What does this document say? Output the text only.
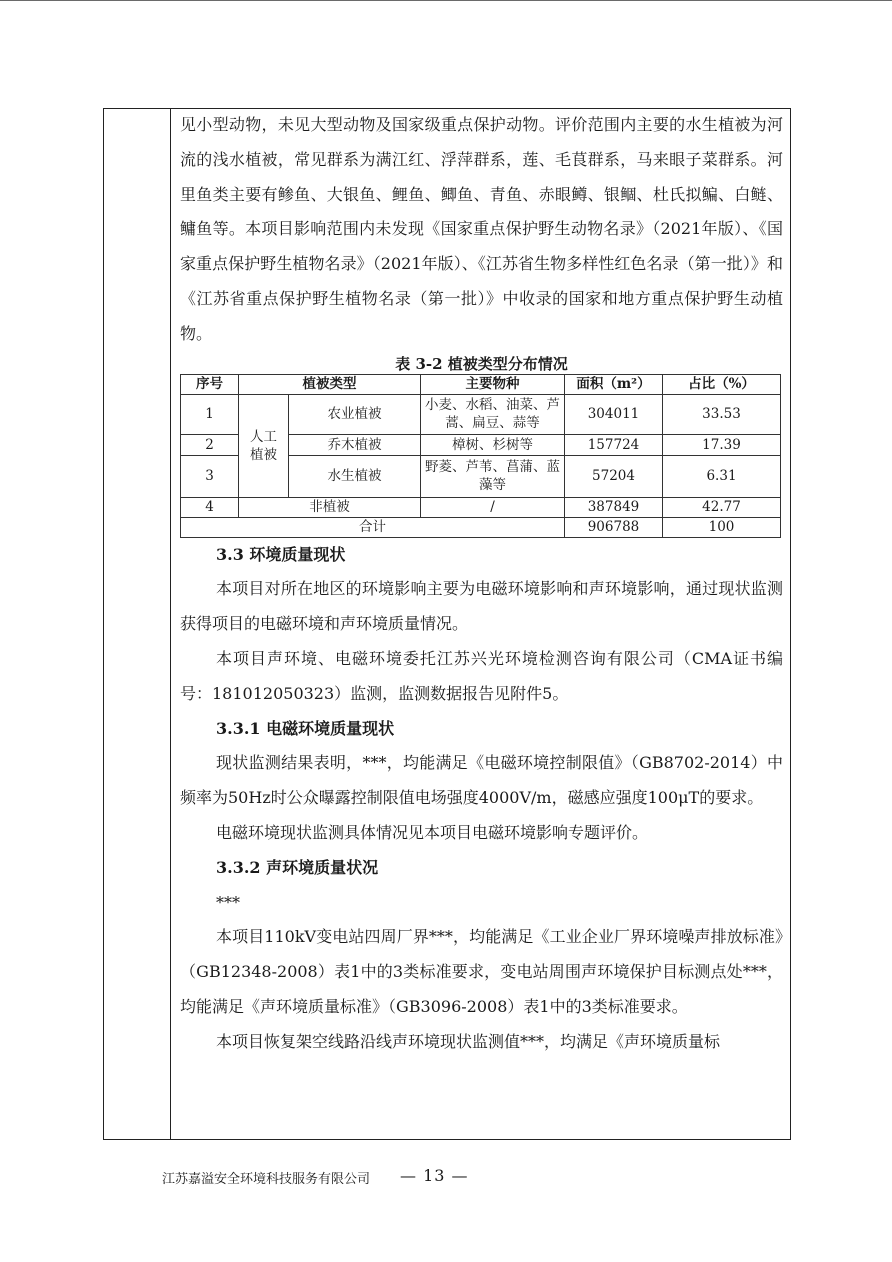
见小型动物，未见大型动物及国家级重点保护动物。评价范围内主要的水生植被为河流的浅水植被，常见群系为满江红、浮萍群系，莲、毛茛群系，马来眼子菜群系。河里鱼类主要有鲹鱼、大银鱼、鲤鱼、鲫鱼、青鱼、赤眼鳟、银鲴、杜氏拟鳊、白鲢、鳙鱼等。本项目影响范围内未发现《国家重点保护野生动物名录》（2021年版）、《国家重点保护野生植物名录》（2021年版）、《江苏省生物多样性红色名录（第一批）》和《江苏省重点保护野生植物名录（第一批）》中收录的国家和地方重点保护野生动植物。

表 3-2 植被类型分布情况

序号	植被类型		主要物种	面积（m²）	占比（%）
1	人工植被	农业植被	小麦、水稻、油菜、芦蒿、扁豆、蒜等	304011	33.53
2		乔木植被	樟树、杉树等	157724	17.39
3		水生植被	野菱、芦苇、菖蒲、蓝藻等	57204	6.31
4	非植被		/	387849	42.77
合计				906788	100

3.3 环境质量现状

本项目对所在地区的环境影响主要为电磁环境影响和声环境影响，通过现状监测获得项目的电磁环境和声环境质量情况。

本项目声环境、电磁环境委托江苏兴光环境检测咨询有限公司（CMA证书编号：181012050323）监测，监测数据报告见附件5。

3.3.1 电磁环境质量现状

现状监测结果表明，***，均能满足《电磁环境控制限值》（GB8702-2014）中频率为50Hz时公众曝露控制限值电场强度4000V/m，磁感应强度100μT的要求。

电磁环境现状监测具体情况见本项目电磁环境影响专题评价。

3.3.2 声环境质量状况

***

本项目110kV变电站四周厂界***，均能满足《工业企业厂界环境噪声排放标准》（GB12348-2008）表1中的3类标准要求，变电站周围声环境保护目标测点处***，均能满足《声环境质量标准》（GB3096-2008）表1中的3类标准要求。

本项目恢复架空线路沿线声环境现状监测值***，均满足《声环境质量标

江苏嘉溢安全环境科技服务有限公司 — 13 —
